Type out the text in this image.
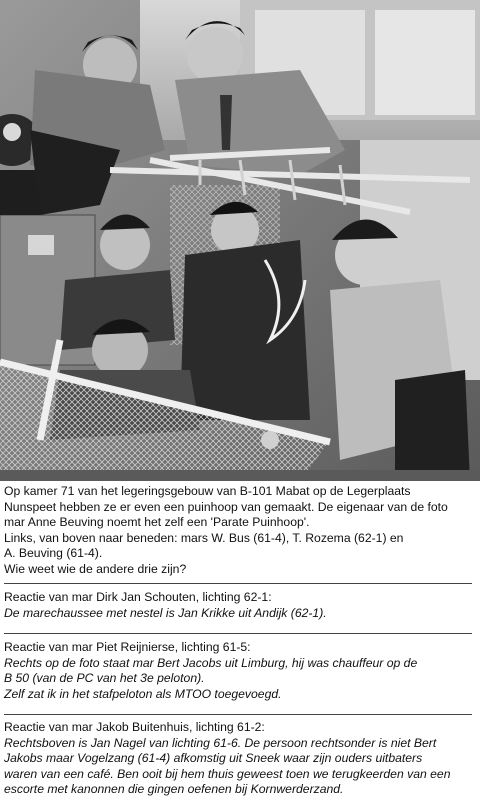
Op kamer 71 van het legeringsgebouw van B-101 Mabat op de Legerplaats

Nunspeet hebben ze er even een puinhoop van gemaakt. De eigenaar van de foto

mar Anne Beuving noemt het zelf een 'Parate Puinhoop'.

Links, van boven naar beneden: mars W. Bus (61-4), T. Rozema (62-1) en

A. Beuving (61-4).

Wie weet wie de andere drie zijn?

Reactie van mar Dirk Jan Schouten, lichting 62-1:

De marechaussee met nestel is Jan Krikke uit Andijk (62-1).

Reactie van mar Piet Reijnierse, lichting 61-5:

Rechts op de foto staat mar Bert Jacobs uit Limburg, hij was chauffeur op de

B 50 (van de PC van het 3e peloton).

Zelf zat ik in het stafpeloton als MTOO toegevoegd.

Reactie van mar Jakob Buitenhuis, lichting 61-2:

Rechtsboven is Jan Nagel van lichting 61-6. De persoon rechtsonder is niet Bert

Jakobs maar Vogelzang (61-4) afkomstig uit Sneek waar zijn ouders uitbaters

waren van een café. Ben ooit bij hem thuis geweest toen we terugkeerden van een

escorte met kanonnen die gingen oefenen bij Kornwerderzand.
